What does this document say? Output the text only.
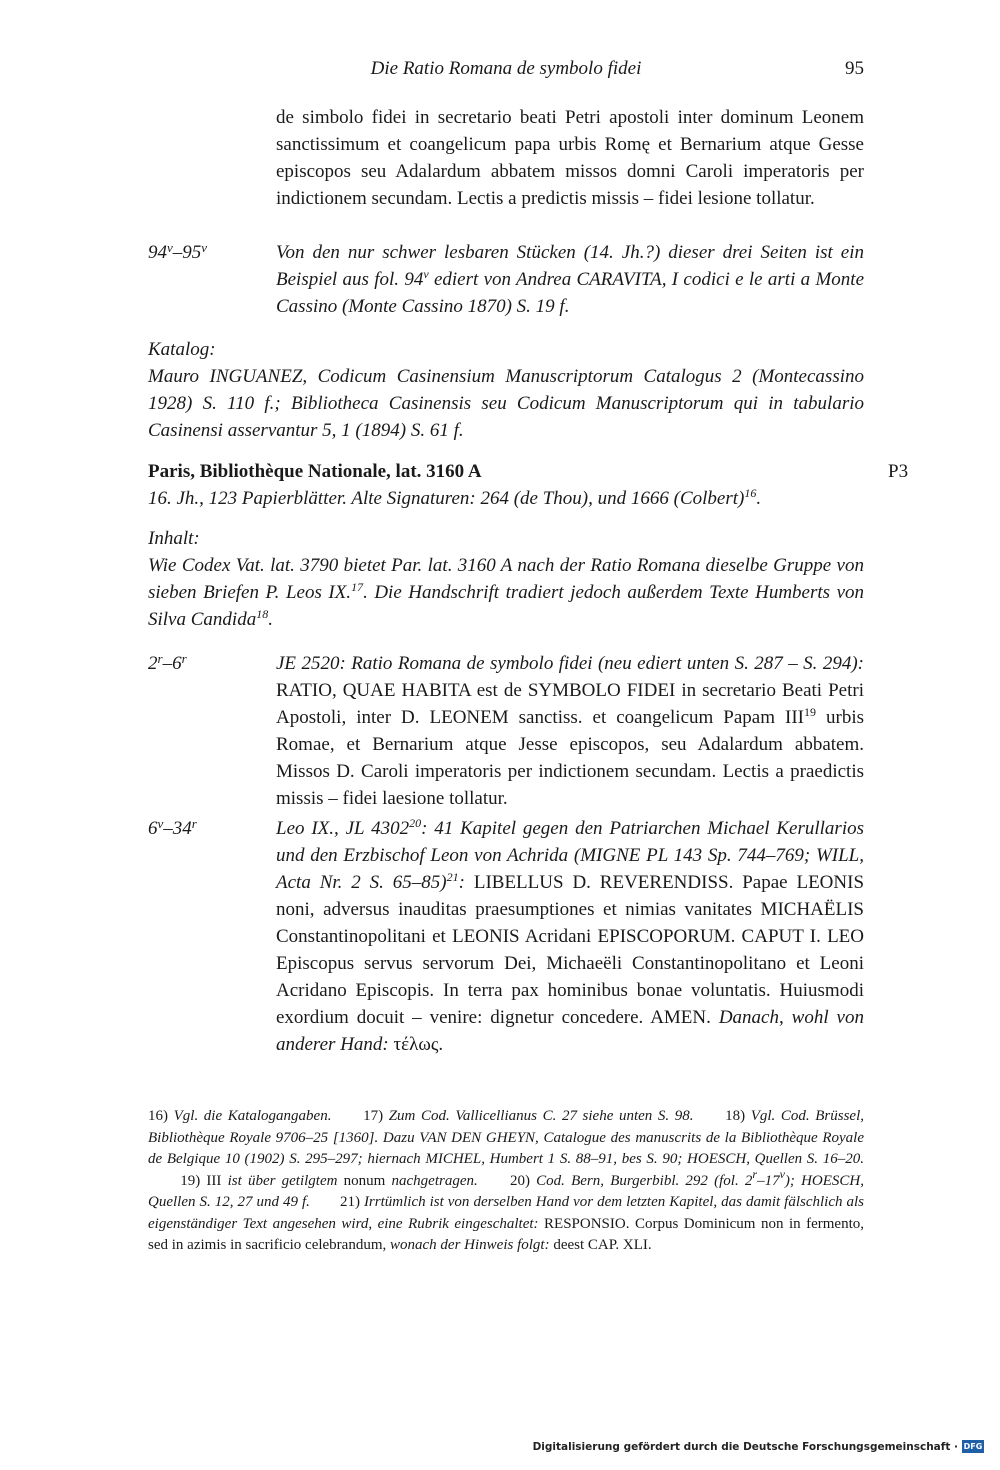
Die Ratio Romana de symbolo fidei	95
de simbolo fidei in secretario beati Petri apostoli inter dominum Leonem sanctissimum et coangelicum papa urbis Romę et Bernarium atque Gesse episcopos seu Adalardum abbatem missos domni Caroli imperatoris per indictionem secundam. Lectis a predictis missis – fidei lesione tollatur.
94$^v$–95$^v$	Von den nur schwer lesbaren Stücken (14. Jh.?) dieser drei Seiten ist ein Beispiel aus fol. 94$^v$ ediert von Andrea CARAVITA, I codici e le arti a Monte Cassino (Monte Cassino 1870) S. 19 f.
Katalog:
Mauro INGUANEZ, Codicum Casinensium Manuscriptorum Catalogus 2 (Montecassino 1928) S. 110 f.; Bibliotheca Casinensis seu Codicum Manuscriptorum qui in tabulario Casinensi asservantur 5, 1 (1894) S. 61 f.
Paris, Bibliothèque Nationale, lat. 3160 A	P3
16. Jh., 123 Papierblätter. Alte Signaturen: 264 (de Thou), und 1666 (Colbert)$^{16}$.
Inhalt:
Wie Codex Vat. lat. 3790 bietet Par. lat. 3160 A nach der Ratio Romana dieselbe Gruppe von sieben Briefen P. Leos IX.$^{17}$. Die Handschrift tradiert jedoch außerdem Texte Humberts von Silva Candida$^{18}$.
2$^r$–6$^r$	JE 2520: Ratio Romana de symbolo fidei (neu ediert unten S. 287 – S. 294): RATIO, QUAE HABITA est de SYMBOLO FIDEI in secretario Beati Petri Apostoli, inter D. LEONEM sanctiss. et coangelicum Papam III$^{19}$ urbis Romae, et Bernarium atque Jesse episcopos, seu Adalardum abbatem. Missos D. Caroli imperatoris per indictionem secundam. Lectis a praedictis missis – fidei laesione tollatur.
6$^v$–34$^r$	Leo IX., JL 4302$^{20}$: 41 Kapitel gegen den Patriarchen Michael Kerullarios und den Erzbischof Leon von Achrida (MIGNE PL 143 Sp. 744–769; WILL, Acta Nr. 2 S. 65–85)$^{21}$: LIBELLUS D. REVERENDISS. Papae LEONIS noni, adversus inauditas praesumptiones et nimias vanitates MICHAËLIS Constantinopolitani et LEONIS Acridani EPISCOPORUM. CAPUT I. LEO Episcopus servus servorum Dei, Michaeëli Constantinopolitano et Leoni Acridano Episcopis. In terra pax hominibus bonae voluntatis. Huiusmodi exordium docuit – venire: dignetur concedere. AMEN. Danach, wohl von anderer Hand: τέλως.
16) Vgl. die Katalogangaben. 17) Zum Cod. Vallicellianus C. 27 siehe unten S. 98. 18) Vgl. Cod. Brüssel, Bibliothèque Royale 9706–25 [1360]. Dazu VAN DEN GHEYN, Catalogue des manuscrits de la Bibliothèque Royale de Belgique 10 (1902) S. 295–297; hiernach MICHEL, Humbert 1 S. 88–91, bes S. 90; HOESCH, Quellen S. 16–20. 19) III ist über getilgtem nonum nachgetragen. 20) Cod. Bern, Burgerbibl. 292 (fol. 2$^r$–17$^v$); HOESCH, Quellen S. 12, 27 und 49 f. 21) Irrtümlich ist von derselben Hand vor dem letzten Kapitel, das damit fälschlich als eigenständiger Text angesehen wird, eine Rubrik eingeschaltet: RESPONSIO. Corpus Dominicum non in fermento, sed in azimis in sacrificio celebrandum, wonach der Hinweis folgt: deest CAP. XLI.
Digitalisierung gefördert durch die Deutsche Forschungsgemeinschaft · DFG
